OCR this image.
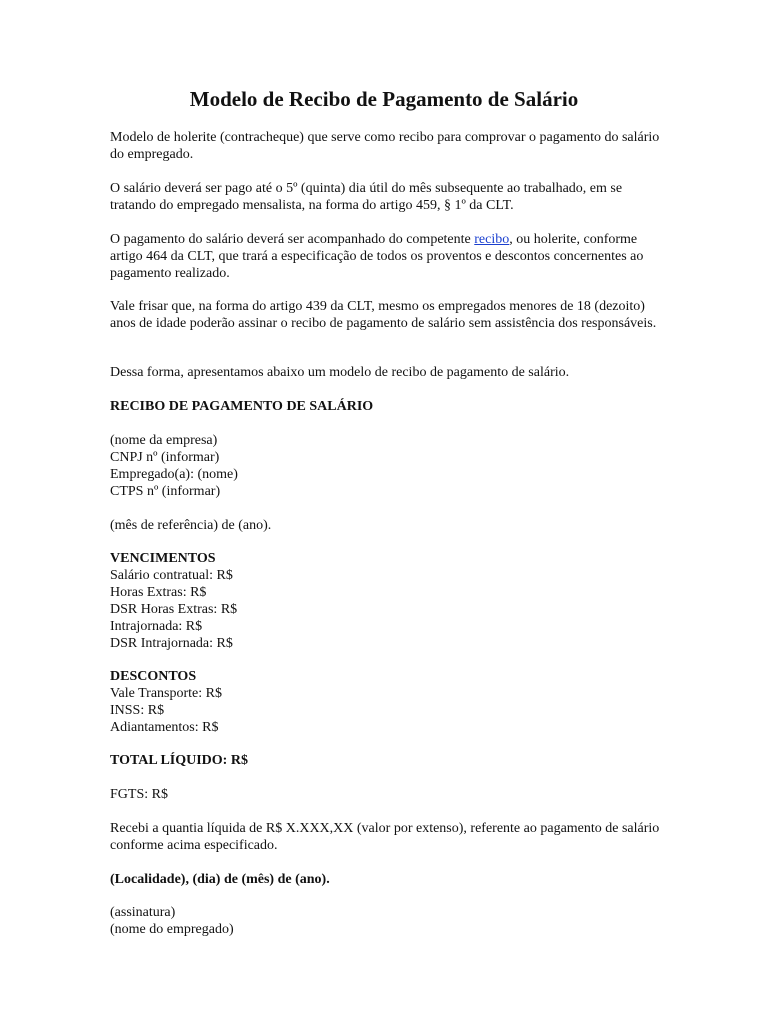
Modelo de Recibo de Pagamento de Salário

Modelo de holerite (contracheque) que serve como recibo para comprovar o pagamento do salário do empregado.

O salário deverá ser pago até o 5º (quinta) dia útil do mês subsequente ao trabalhado, em se tratando do empregado mensalista, na forma do artigo 459, § 1º da CLT.

O pagamento do salário deverá ser acompanhado do competente recibo, ou holerite, conforme artigo 464 da CLT, que trará a especificação de todos os proventos e descontos concernentes ao pagamento realizado.

Vale frisar que, na forma do artigo 439 da CLT, mesmo os empregados menores de 18 (dezoito) anos de idade poderão assinar o recibo de pagamento de salário sem assistência dos responsáveis.

Dessa forma, apresentamos abaixo um modelo de recibo de pagamento de salário.

RECIBO DE PAGAMENTO DE SALÁRIO

(nome da empresa)

CNPJ nº (informar)

Empregado(a): (nome)

CTPS nº (informar)

(mês de referência) de (ano).

VENCIMENTOS

Salário contratual: R$

Horas Extras: R$

DSR Horas Extras: R$

Intrajornada: R$

DSR Intrajornada: R$

DESCONTOS

Vale Transporte: R$

INSS: R$

Adiantamentos: R$

TOTAL LÍQUIDO: R$
FGTS: R$

Recebi a quantia líquida de R$ X.XXX,XX (valor por extenso), referente ao pagamento de salário conforme acima especificado.

(Localidade), (dia) de (mês) de (ano).

(assinatura)

(nome do empregado)
